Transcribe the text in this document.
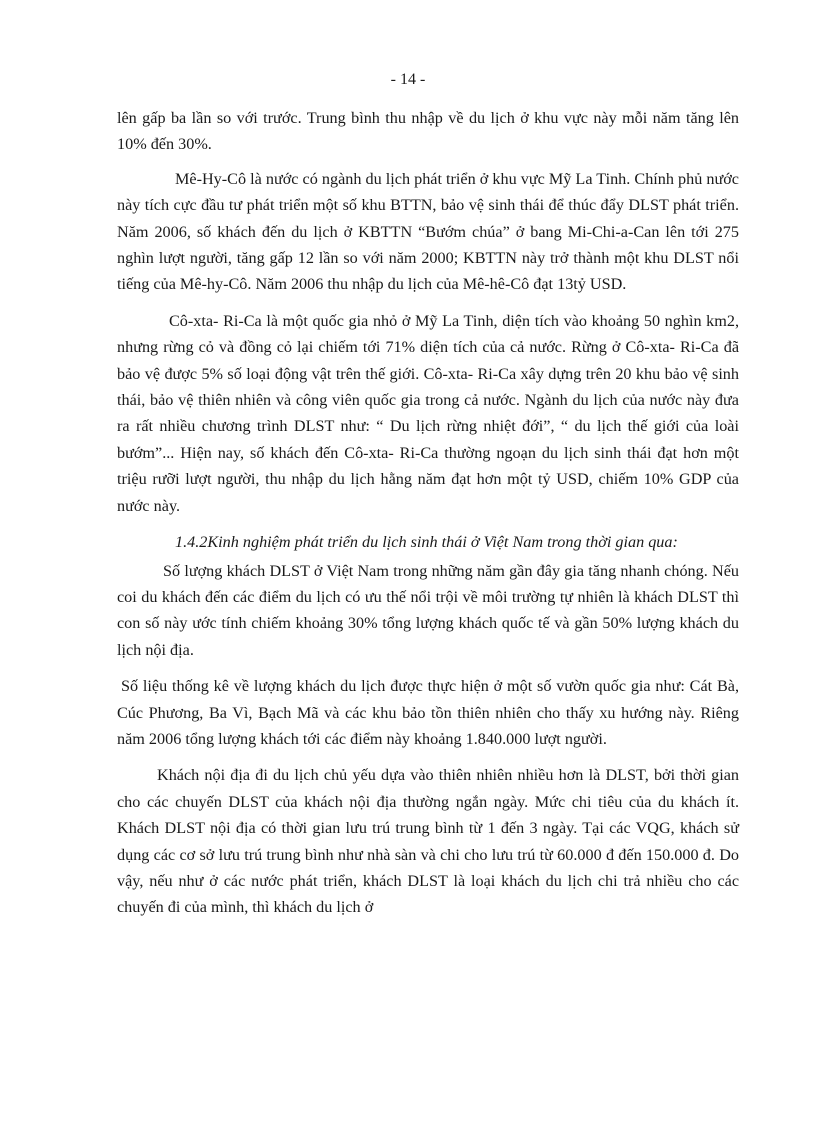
- 14 -

lên gấp ba lần so với trước. Trung bình thu nhập về du lịch ở khu vực này mỗi năm tăng lên 10% đến 30%.

Mê-Hy-Cô là nước có ngành du lịch phát triển ở khu vực Mỹ La Tinh. Chính phủ nước này tích cực đầu tư phát triển một số khu BTTN, bảo vệ sinh thái để thúc đẩy DLST phát triển. Năm 2006, số khách đến du lịch ở KBTTN “Bướm chúa” ở bang Mi-Chi-a-Can lên tới 275 nghìn lượt người, tăng gấp 12 lần so với năm 2000; KBTTN này trở thành một khu DLST nổi tiếng của Mê-hy-Cô. Năm 2006 thu nhập du lịch của Mê-hê-Cô đạt 13tỷ USD.

Cô-xta- Ri-Ca là một quốc gia nhỏ ở Mỹ La Tinh, diện tích vào khoảng 50 nghìn km2, nhưng rừng cỏ và đồng cỏ lại chiếm tới 71% diện tích của cả nước. Rừng ở Cô-xta- Ri-Ca đã bảo vệ được 5% số loại động vật trên thế giới. Cô-xta- Ri-Ca xây dựng trên 20 khu bảo vệ sinh thái, bảo vệ thiên nhiên và công viên quốc gia trong cả nước. Ngành du lịch của nước này đưa ra rất nhiều chương trình DLST như: “ Du lịch rừng nhiệt đới”, “ du lịch thế giới của loài bướm”... Hiện nay, số khách đến Cô-xta- Ri-Ca thường ngoạn du lịch sinh thái đạt hơn một triệu rưỡi lượt người, thu nhập du lịch hằng năm đạt hơn một tỷ USD, chiếm 10% GDP của nước này.

1.4.2Kinh nghiệm phát triển du lịch sinh thái ở Việt Nam trong thời gian qua:

Số lượng khách DLST ở Việt Nam trong những năm gần đây gia tăng nhanh chóng. Nếu coi du khách đến các điểm du lịch có ưu thế nổi trội về môi trường tự nhiên là khách DLST thì con số này ước tính chiếm khoảng 30% tổng lượng khách quốc tế và gần 50% lượng khách du lịch nội địa.

Số liệu thống kê về lượng khách du lịch được thực hiện ở một số vườn quốc gia như: Cát Bà, Cúc Phương, Ba Vì, Bạch Mã và các khu bảo tồn thiên nhiên cho thấy xu hướng này. Riêng năm 2006 tổng lượng khách tới các điểm này khoảng 1.840.000 lượt người.

Khách nội địa đi du lịch chủ yếu dựa vào thiên nhiên nhiều hơn là DLST, bởi thời gian cho các chuyến DLST của khách nội địa thường ngắn ngày. Mức chi tiêu của du khách ít. Khách DLST nội địa có thời gian lưu trú trung bình từ 1 đến 3 ngày. Tại các VQG, khách sử dụng các cơ sở lưu trú trung bình như nhà sàn và chi cho lưu trú từ 60.000 đ đến 150.000 đ. Do vậy, nếu như ở các nước phát triển, khách DLST là loại khách du lịch chi trả nhiều cho các chuyến đi của mình, thì khách du lịch ở
